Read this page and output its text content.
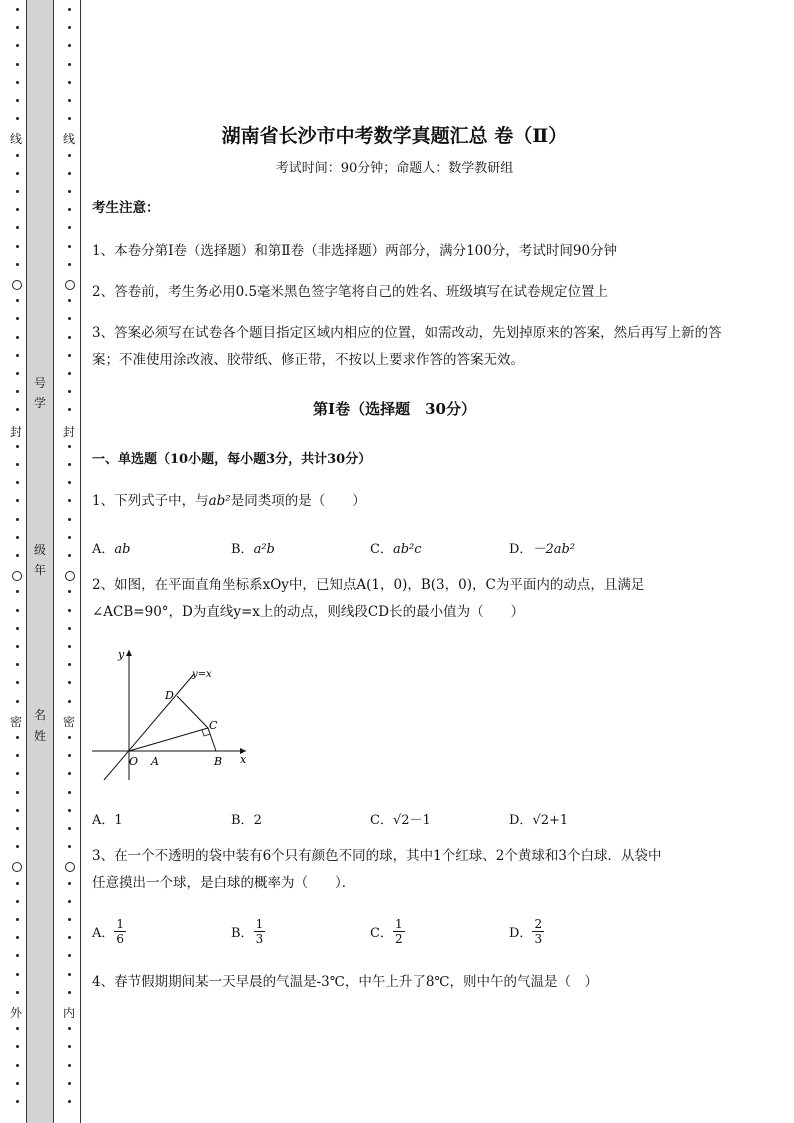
线
封
密
外
线
封
密
内
号
学
级
年
名
姓
湖南省长沙市中考数学真题汇总 卷（Ⅱ）
考试时间：90分钟；命题人：数学教研组
考生注意：
1、本卷分第Ⅰ卷（选择题）和第Ⅱ卷（非选择题）两部分，满分100分，考试时间90分钟
2、答卷前，考生务必用0.5毫米黑色签字笔将自己的姓名、班级填写在试卷规定位置上
3、答案必须写在试卷各个题目指定区域内相应的位置，如需改动，先划掉原来的答案，然后再写上新的答案；不准使用涂改液、胶带纸、修正带，不按以上要求作答的答案无效。
第Ⅰ卷（选择题　30分）
一、单选题（10小题，每小题3分，共计30分）
1、下列式子中，与ab²是同类项的是（　　）
A．ab	B．a²b	C．ab²c	D．－2ab²
2、如图，在平面直角坐标系xOy中，已知点A(1，0)，B(3，0)，C为平面内的动点，且满足
∠ACB=90°，D为直线y=x上的动点，则线段CD长的最小值为（　　）
x
y
O A	B
C
D
y=x
A．1	C．√2－1
B．2	D．√2+1
3、在一个不透明的袋中装有6个只有颜色不同的球，其中1个红球、2个黄球和3个白球．从袋中
任意摸出一个球，是白球的概率为（　　）．
A． $\frac{1}{6}$	B． $\frac{1}{3}$	C． $\frac{1}{2}$	D． $\frac{2}{3}$
4、春节假期期间某一天早晨的气温是-3℃，中午上升了8℃，则中午的气温是（　）
